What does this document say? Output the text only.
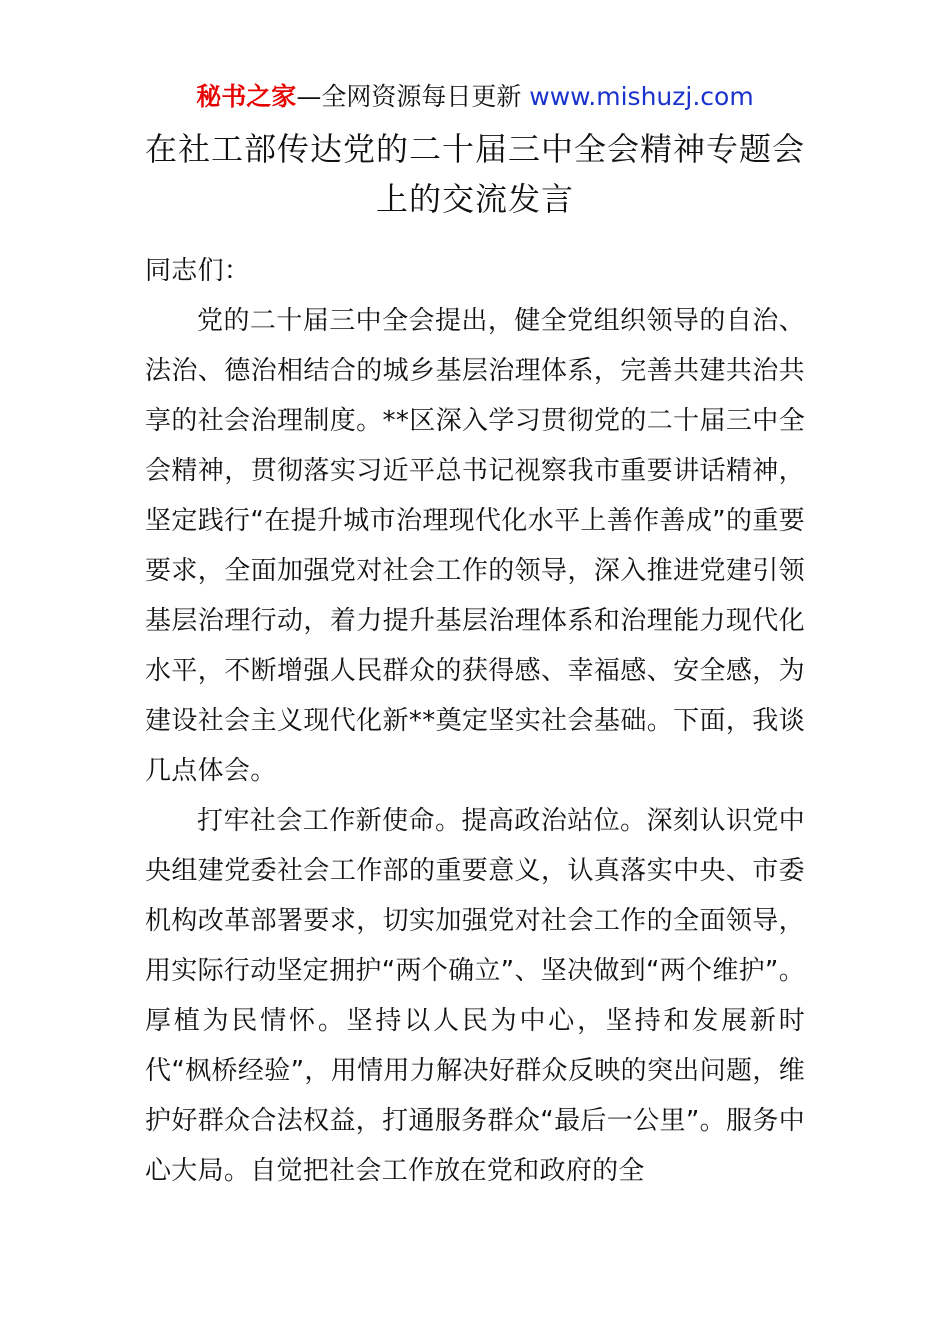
秘书之家—全网资源每日更新 www.mishuzj.com
在社工部传达党的二十届三中全会精神专题会上的交流发言

同志们：

党的二十届三中全会提出，健全党组织领导的自治、法治、德治相结合的城乡基层治理体系，完善共建共治共享的社会治理制度。**区深入学习贯彻党的二十届三中全会精神，贯彻落实习近平总书记视察我市重要讲话精神，坚定践行“在提升城市治理现代化水平上善作善成”的重要要求，全面加强党对社会工作的领导，深入推进党建引领基层治理行动，着力提升基层治理体系和治理能力现代化水平，不断增强人民群众的获得感、幸福感、安全感，为建设社会主义现代化新**奠定坚实社会基础。下面，我谈几点体会。

打牢社会工作新使命。提高政治站位。深刻认识党中央组建党委社会工作部的重要意义，认真落实中央、市委机构改革部署要求，切实加强党对社会工作的全面领导，用实际行动坚定拥护“两个确立”、坚决做到“两个维护”。厚植为民情怀。坚持以人民为中心，坚持和发展新时代“枫桥经验”，用情用力解决好群众反映的突出问题，维护好群众合法权益，打通服务群众“最后一公里”。服务中心大局。自觉把社会工作放在党和政府的全
